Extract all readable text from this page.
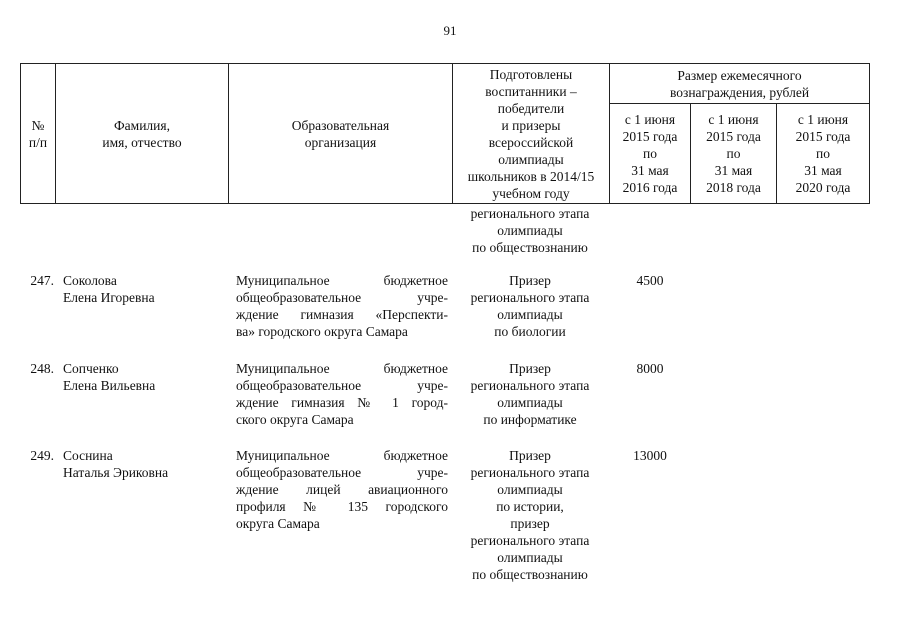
91
№
п/п
Фамилия,
имя, отчество
Образовательная
организация
Подготовлены
воспитанники –
победители
и призеры
всероссийской
олимпиады
школьников в 2014/15
учебном году
Размер ежемесячного
вознаграждения, рублей
с 1 июня
2015 года
по
31 мая
2016 года
с 1 июня
2015 года
по
31 мая
2018 года
с 1 июня
2015 года
по
31 мая
2020 года
регионального этапа
олимпиады
по обществознанию
247. Соколова
Елена Игоревна
Муниципальное бюджетное
общеобразовательное учре-
ждение гимназия «Перспекти-
ва» городского округа Самара
Призер
регионального этапа
олимпиады
по биологии
4500
248. Сопченко
Елена Вильевна
Муниципальное бюджетное
общеобразовательное учре-
ждение гимназия № 1 город-
ского округа Самара
Призер
регионального этапа
олимпиады
по информатике
8000
249. Соснина
Наталья Эриковна
Муниципальное бюджетное
общеобразовательное учре-
ждение лицей авиационного
профиля № 135 городского
округа Самара
Призер
регионального этапа
олимпиады
по истории,
призер
регионального этапа
олимпиады
по обществознанию
13000
